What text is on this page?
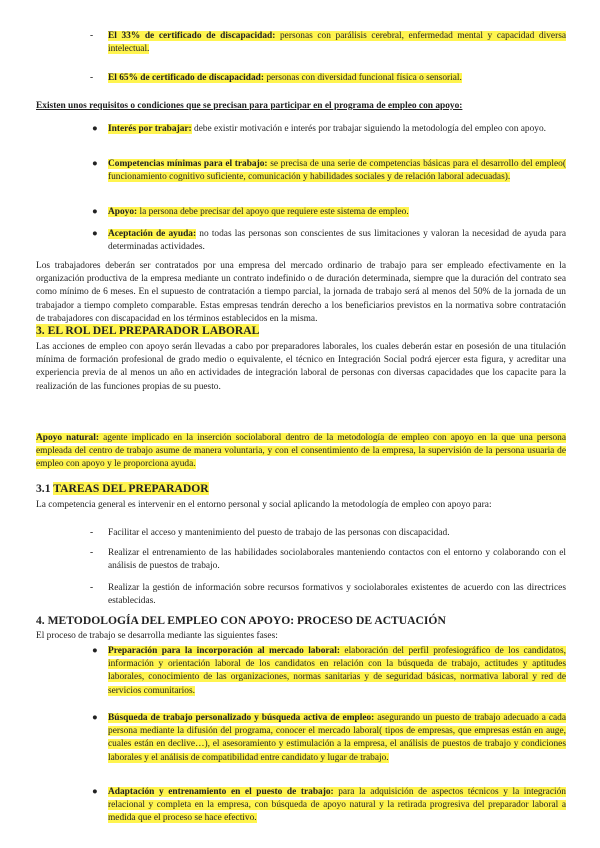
- El 33% de certificado de discapacidad: personas con parálisis cerebral, enfermedad mental y capacidad diversa intelectual.
- El 65% de certificado de discapacidad: personas con diversidad funcional física o sensorial.
Existen unos requisitos o condiciones que se precisan para participar en el programa de empleo con apoyo:
● Interés por trabajar: debe existir motivación e interés por trabajar siguiendo la metodología del empleo con apoyo.
● Competencias mínimas para el trabajo: se precisa de una serie de competencias básicas para el desarrollo del empleo( funcionamiento cognitivo suficiente, comunicación y habilidades sociales y de relación laboral adecuadas).
● Apoyo: la persona debe precisar del apoyo que requiere este sistema de empleo.
● Aceptación de ayuda: no todas las personas son conscientes de sus limitaciones y valoran la necesidad de ayuda para determinadas actividades.
Los trabajadores deberán ser contratados por una empresa del mercado ordinario de trabajo para ser empleado efectivamente en la organización productiva de la empresa mediante un contrato indefinido o de duración determinada, siempre que la duración del contrato sea como mínimo de 6 meses. En el supuesto de contratación a tiempo parcial, la jornada de trabajo será al menos del 50% de la jornada de un trabajador a tiempo completo comparable. Estas empresas tendrán derecho a los beneficiarios previstos en la normativa sobre contratación de trabajadores con discapacidad en los términos establecidos en la misma.
3. EL ROL DEL PREPARADOR LABORAL
Las acciones de empleo con apoyo serán llevadas a cabo por preparadores laborales, los cuales deberán estar en posesión de una titulación mínima de formación profesional de grado medio o equivalente, el técnico en Integración Social podrá ejercer esta figura, y acreditar una experiencia previa de al menos un año en actividades de integración laboral de personas con diversas capacidades que los capacite para la realización de las funciones propias de su puesto.
Apoyo natural: agente implicado en la inserción sociolaboral dentro de la metodología de empleo con apoyo en la que una persona empleada del centro de trabajo asume de manera voluntaria, y con el consentimiento de la empresa, la supervisión de la persona usuaria de empleo con apoyo y le proporciona ayuda.
3.1 TAREAS DEL PREPARADOR
La competencia general es intervenir en el entorno personal y social aplicando la metodología de empleo con apoyo para:
- Facilitar el acceso y mantenimiento del puesto de trabajo de las personas con discapacidad.
- Realizar el entrenamiento de las habilidades sociolaborales manteniendo contactos con el entorno y colaborando con el análisis de puestos de trabajo.
- Realizar la gestión de información sobre recursos formativos y sociolaborales existentes de acuerdo con las directrices establecidas.
4. METODOLOGÍA DEL EMPLEO CON APOYO: PROCESO DE ACTUACIÓN
El proceso de trabajo se desarrolla mediante las siguientes fases:
● Preparación para la incorporación al mercado laboral: elaboración del perfil profesiográfico de los candidatos, información y orientación laboral de los candidatos en relación con la búsqueda de trabajo, actitudes y aptitudes laborales, conocimiento de las organizaciones, normas sanitarias y de seguridad básicas, normativa laboral y red de servicios comunitarios.
● Búsqueda de trabajo personalizado y búsqueda activa de empleo: asegurando un puesto de trabajo adecuado a cada persona mediante la difusión del programa, conocer el mercado laboral( tipos de empresas, que empresas están en auge, cuales están en declive…), el asesoramiento y estimulación a la empresa, el análisis de puestos de trabajo y condiciones laborales y el análisis de compatibilidad entre candidato y lugar de trabajo.
● Adaptación y entrenamiento en el puesto de trabajo: para la adquisición de aspectos técnicos y la integración relacional y completa en la empresa, con búsqueda de apoyo natural y la retirada progresiva del preparador laboral a medida que el proceso se hace efectivo.
